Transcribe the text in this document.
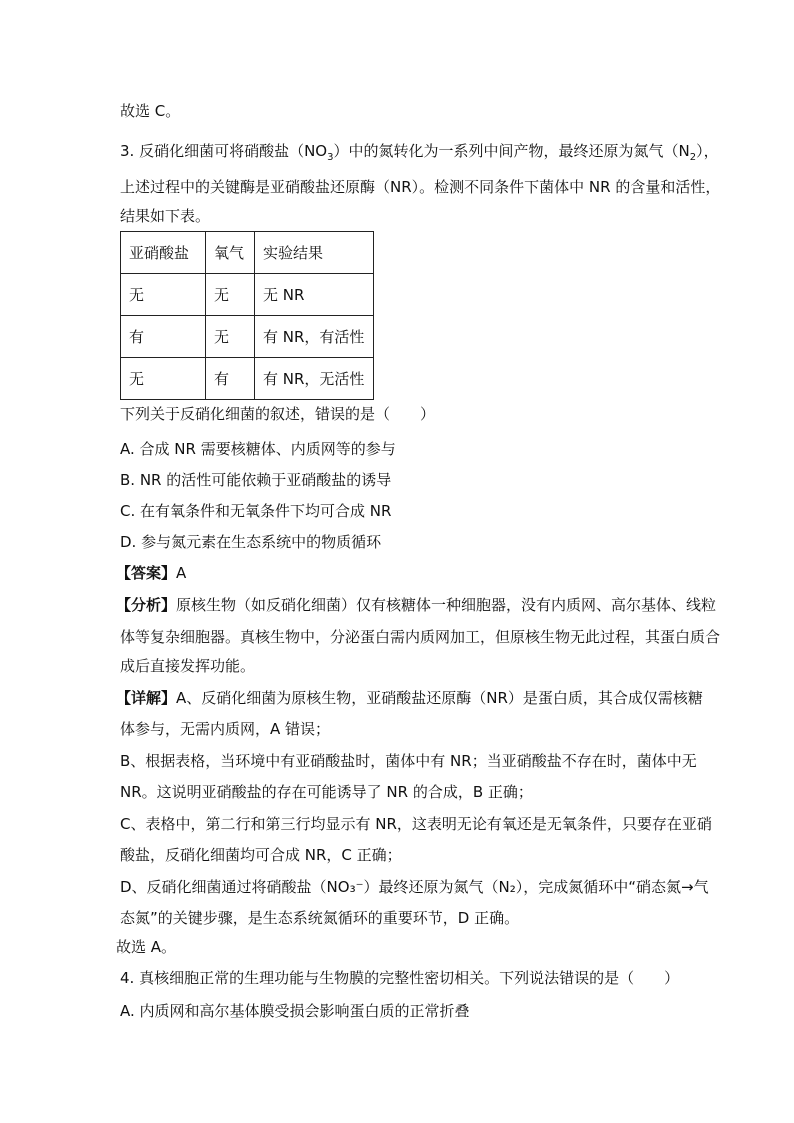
故选 C。
3. 反硝化细菌可将硝酸盐$(NO_3)$中的氮转化为一系列中间产物，最终还原为氮气$(N_2)$，
上述过程中的关键酶是亚硝酸盐还原酶（NR）。检测不同条件下菌体中 NR 的含量和活性，
结果如下表。
亚硝酸盐	氧气	实验结果
无	无	无 NR
有	无	有 NR，有活性
无	有	有 NR，无活性
下列关于反硝化细菌的叙述，错误的是（　　）
A. 合成 NR 需要核糖体、内质网等的参与
B. NR 的活性可能依赖于亚硝酸盐的诱导
C. 在有氧条件和无氧条件下均可合成 NR
D. 参与氮元素在生态系统中的物质循环
【答案】A
【分析】原核生物（如反硝化细菌）仅有核糖体一种细胞器，没有内质网、高尔基体、线粒
体等复杂细胞器。真核生物中，分泌蛋白需内质网加工，但原核生物无此过程，其蛋白质合
成后直接发挥功能。
【详解】A、反硝化细菌为原核生物，亚硝酸盐还原酶（NR）是蛋白质，其合成仅需核糖
体参与，无需内质网，A 错误；
B、根据表格，当环境中有亚硝酸盐时，菌体中有 NR；当亚硝酸盐不存在时，菌体中无
NR。这说明亚硝酸盐的存在可能诱导了 NR 的合成，B 正确；
C、表格中，第二行和第三行均显示有 NR，这表明无论有氧还是无氧条件，只要存在亚硝
酸盐，反硝化细菌均可合成 NR，C 正确；
D、反硝化细菌通过将硝酸盐（NO₃⁻）最终还原为氮气（N₂），完成氮循环中“硝态氮→气
态氮”的关键步骤，是生态系统氮循环的重要环节，D 正确。
故选 A。
4. 真核细胞正常的生理功能与生物膜的完整性密切相关。下列说法错误的是（　　）
A. 内质网和高尔基体膜受损会影响蛋白质的正常折叠
